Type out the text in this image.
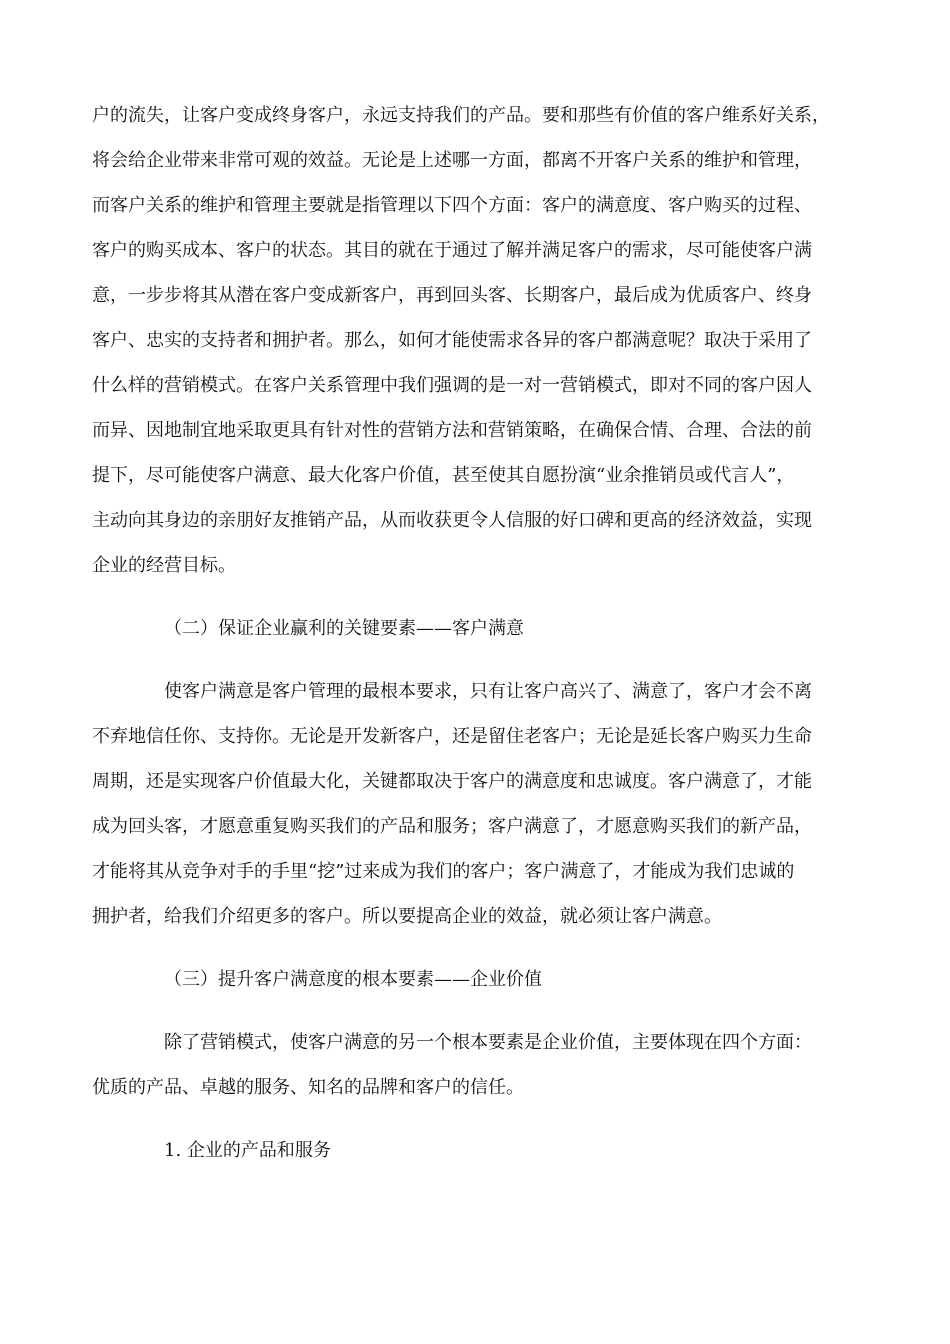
户的流失，让客户变成终身客户，永远支持我们的产品。要和那些有价值的客户维系好关系，
将会给企业带来非常可观的效益。无论是上述哪一方面，都离不开客户关系的维护和管理，
而客户关系的维护和管理主要就是指管理以下四个方面：客户的满意度、客户购买的过程、
客户的购买成本、客户的状态。其目的就在于通过了解并满足客户的需求，尽可能使客户满
意，一步步将其从潜在客户变成新客户，再到回头客、长期客户，最后成为优质客户、终身
客户、忠实的支持者和拥护者。那么，如何才能使需求各异的客户都满意呢？取决于采用了
什么样的营销模式。在客户关系管理中我们强调的是一对一营销模式，即对不同的客户因人
而异、因地制宜地采取更具有针对性的营销方法和营销策略，在确保合情、合理、合法的前
提下，尽可能使客户满意、最大化客户价值，甚至使其自愿扮演“业余推销员或代言人”，
主动向其身边的亲朋好友推销产品，从而收获更令人信服的好口碑和更高的经济效益，实现
企业的经营目标。
（二）保证企业赢利的关键要素——客户满意
使客户满意是客户管理的最根本要求，只有让客户高兴了、满意了，客户才会不离
不弃地信任你、支持你。无论是开发新客户，还是留住老客户；无论是延长客户购买力生命
周期，还是实现客户价值最大化，关键都取决于客户的满意度和忠诚度。客户满意了，才能
成为回头客，才愿意重复购买我们的产品和服务；客户满意了，才愿意购买我们的新产品，
才能将其从竞争对手的手里“挖”过来成为我们的客户；客户满意了，才能成为我们忠诚的
拥护者，给我们介绍更多的客户。所以要提高企业的效益，就必须让客户满意。
（三）提升客户满意度的根本要素——企业价值
除了营销模式，使客户满意的另一个根本要素是企业价值，主要体现在四个方面：
优质的产品、卓越的服务、知名的品牌和客户的信任。
1. 企业的产品和服务
